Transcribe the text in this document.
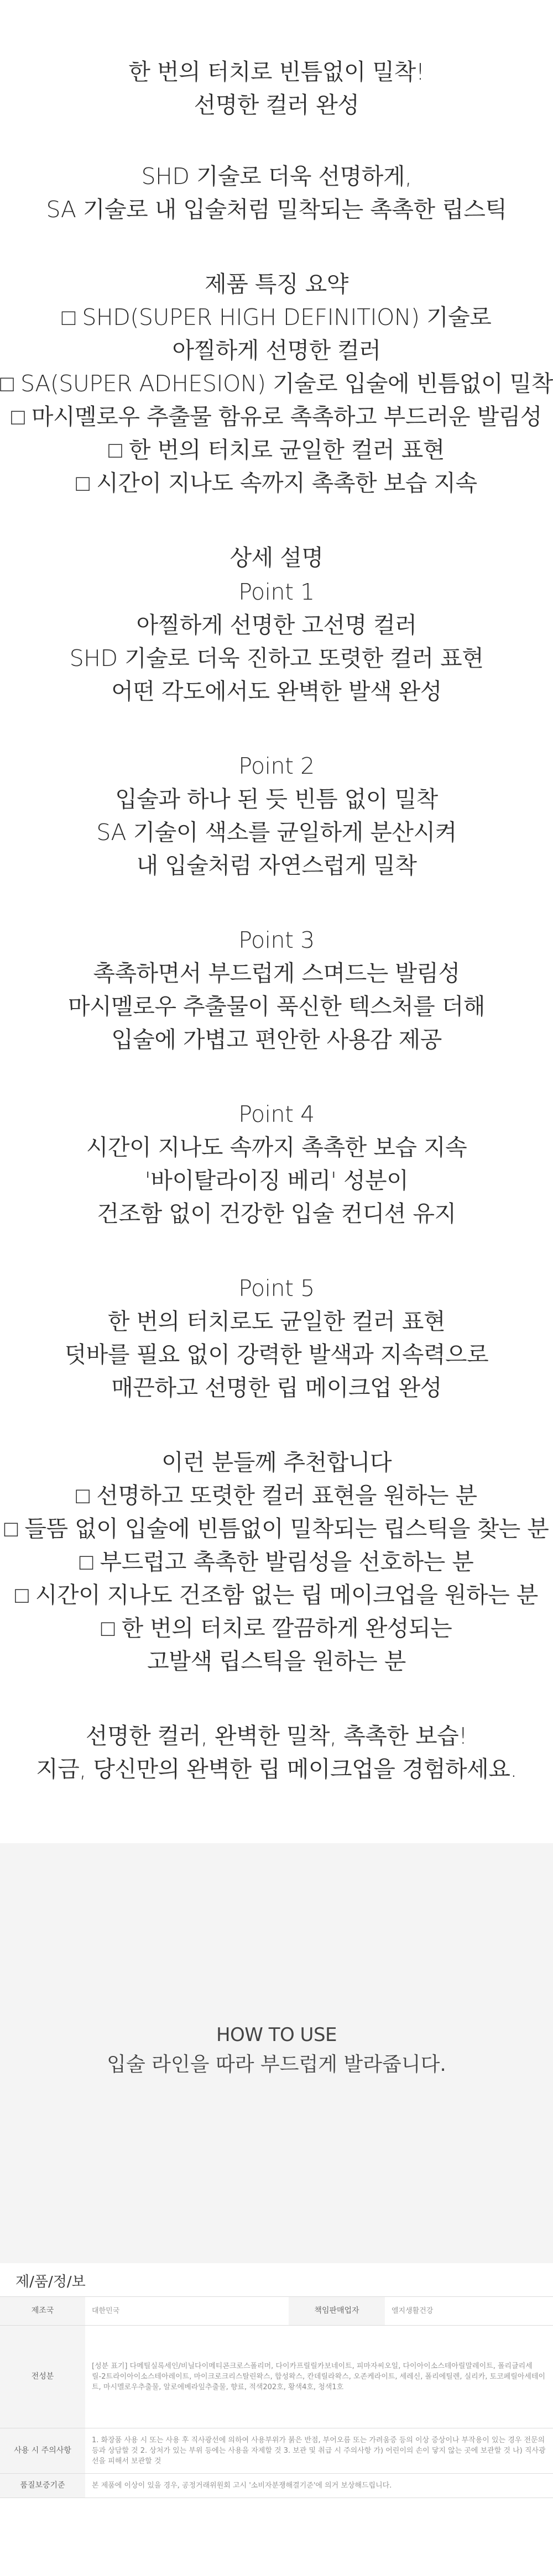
한 번의 터치로 빈틈없이 밀착!
선명한 컬러 완성
SHD 기술로 더욱 선명하게,
SA 기술로 내 입술처럼 밀착되는 촉촉한 립스틱
제품 특징 요약
□ SHD(SUPER HIGH DEFINITION) 기술로
아찔하게 선명한 컬러
□ SA(SUPER ADHESION) 기술로 입술에 빈틈없이 밀착
□ 마시멜로우 추출물 함유로 촉촉하고 부드러운 발림성
□ 한 번의 터치로 균일한 컬러 표현
□ 시간이 지나도 속까지 촉촉한 보습 지속
상세 설명
Point 1
아찔하게 선명한 고선명 컬러
SHD 기술로 더욱 진하고 또렷한 컬러 표현
어떤 각도에서도 완벽한 발색 완성
Point 2
입술과 하나 된 듯 빈틈 없이 밀착
SA 기술이 색소를 균일하게 분산시켜
내 입술처럼 자연스럽게 밀착
Point 3
촉촉하면서 부드럽게 스며드는 발림성
마시멜로우 추출물이 푹신한 텍스처를 더해
입술에 가볍고 편안한 사용감 제공
Point 4
시간이 지나도 속까지 촉촉한 보습 지속
'바이탈라이징 베리' 성분이
건조함 없이 건강한 입술 컨디션 유지
Point 5
한 번의 터치로도 균일한 컬러 표현
덧바를 필요 없이 강력한 발색과 지속력으로
매끈하고 선명한 립 메이크업 완성
이런 분들께 추천합니다
□ 선명하고 또렷한 컬러 표현을 원하는 분
□ 들뜸 없이 입술에 빈틈없이 밀착되는 립스틱을 찾는 분
□ 부드럽고 촉촉한 발림성을 선호하는 분
□ 시간이 지나도 건조함 없는 립 메이크업을 원하는 분
□ 한 번의 터치로 깔끔하게 완성되는
고발색 립스틱을 원하는 분
선명한 컬러, 완벽한 밀착, 촉촉한 보습!
지금, 당신만의 완벽한 립 메이크업을 경험하세요.
HOW TO USE
입술 라인을 따라 부드럽게 발라줍니다.
제/품/정/보
제조국	대한민국	책임판매업자	엘지생활건강
전성분	[성분 표기] 다메틸실록세인/비닐다이메티콘크로스폴리머, 다이카프릴릴카보네이트, 피마자씨오일, 다이아이소스테아릴말레이트, 폴리글리세릴-2트라이아이소스테아레이트, 마이크로크리스탈린왁스, 합성왁스, 칸데릴라왁스, 오존케라이트, 세레신, 폴리에틸렌, 실리카, 토코페릴아세테이트, 마시멜로우추출물, 알로에베라잎추출물, 향료, 적색202호, 황색4호, 청색1호		
사용 시 주의사항	1. 화장품 사용 시 또는 사용 후 직사광선에 의하여 사용부위가 붉은 반점, 부어오름 또는 가려움증 등의 이상 증상이나 부작용이 있는 경우 전문의 등과 상담할 것 2. 상처가 있는 부위 등에는 사용을 자제할 것 3. 보관 및 취급 시 주의사항 가) 어린이의 손이 닿지 않는 곳에 보관할 것 나) 직사광선을 피해서 보관할 것		
품질보증기준	본 제품에 이상이 있을 경우, 공정거래위원회 고시 '소비자분쟁해결기준'에 의거 보상해드립니다.		
